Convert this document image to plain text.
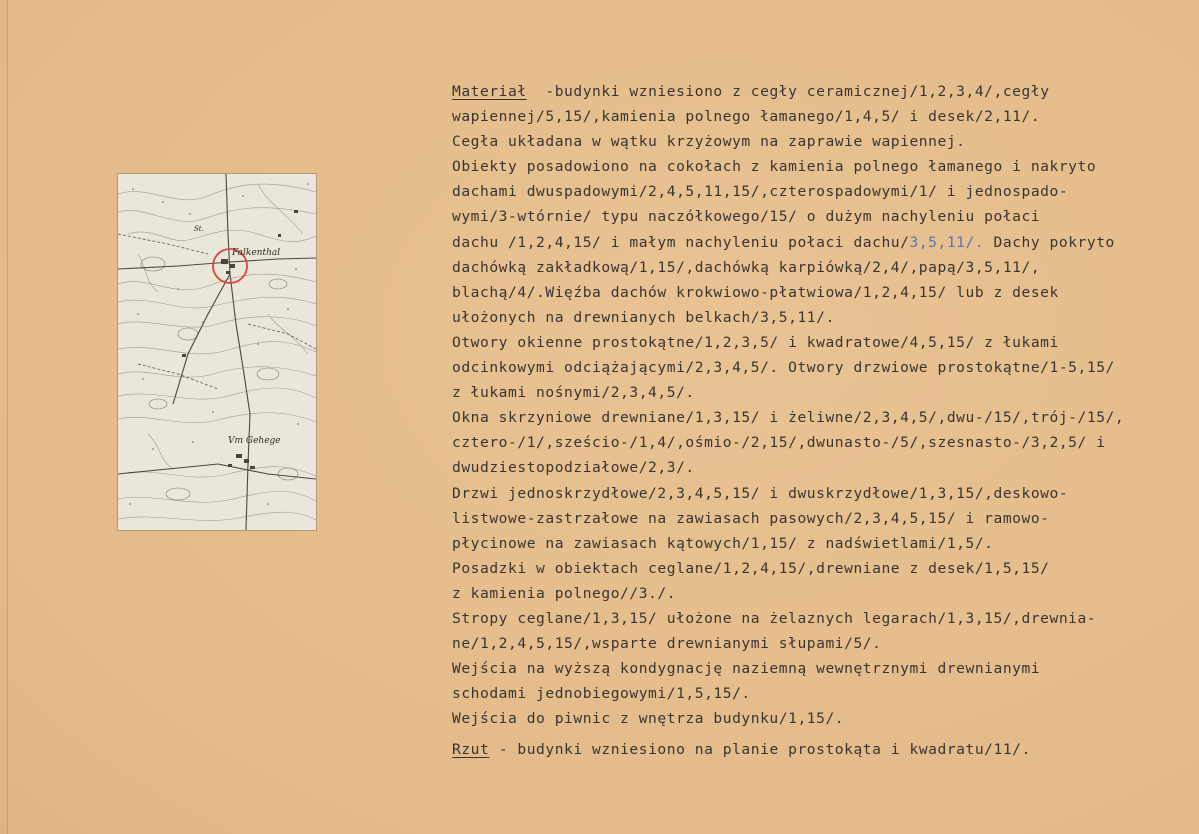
Falkenthal
St.
Vm Gehege
Materiał  -budynki wzniesiono z cegły ceramicznej/1,2,3,4/,cegły
wapiennej/5,15/,kamienia polnego łamanego/1,4,5/ i desek/2,11/.
Cegła układana w wątku krzyżowym na zaprawie wapiennej.
Obiekty posadowiono na cokołach z kamienia polnego łamanego i nakryto
dachami dwuspadowymi/2,4,5,11,15/,czterospadowymi/1/ i jednospado-
wymi/3-wtórnie/ typu naczółkowego/15/ o dużym nachyleniu połaci
dachu /1,2,4,15/ i małym nachyleniu połaci dachu/3,5,11/. Dachy pokryto
dachówką zakładkową/1,15/,dachówką karpiówką/2,4/,papą/3,5,11/,
blachą/4/.Więźba dachów krokwiowo-płatwiowa/1,2,4,15/ lub z desek
ułożonych na drewnianych belkach/3,5,11/.
Otwory okienne prostokątne/1,2,3,5/ i kwadratowe/4,5,15/ z łukami
odcinkowymi odciążającymi/2,3,4,5/. Otwory drzwiowe prostokątne/1-5,15/
z łukami nośnymi/2,3,4,5/.
Okna skrzyniowe drewniane/1,3,15/ i żeliwne/2,3,4,5/,dwu-/15/,trój-/15/,
cztero-/1/,sześcio-/1,4/,ośmio-/2,15/,dwunasto-/5/,szesnasto-/3,2,5/ i
dwudziestopodziałowe/2,3/.
Drzwi jednoskrzydłowe/2,3,4,5,15/ i dwuskrzydłowe/1,3,15/,deskowo-
listwowe-zastrzałowe na zawiasach pasowych/2,3,4,5,15/ i ramowo-
płycinowe na zawiasach kątowych/1,15/ z nadświetlami/1,5/.
Posadzki w obiektach ceglane/1,2,4,15/,drewniane z desek/1,5,15/
z kamienia polnego//3./.
Stropy ceglane/1,3,15/ ułożone na żelaznych legarach/1,3,15/,drewnia-
ne/1,2,4,5,15/,wsparte drewnianymi słupami/5/.
Wejścia na wyższą kondygnację naziemną wewnętrznymi drewnianymi
schodami jednobiegowymi/1,5,15/.
Wejścia do piwnic z wnętrza budynku/1,15/.
Rzut - budynki wzniesiono na planie prostokąta i kwadratu/11/.
